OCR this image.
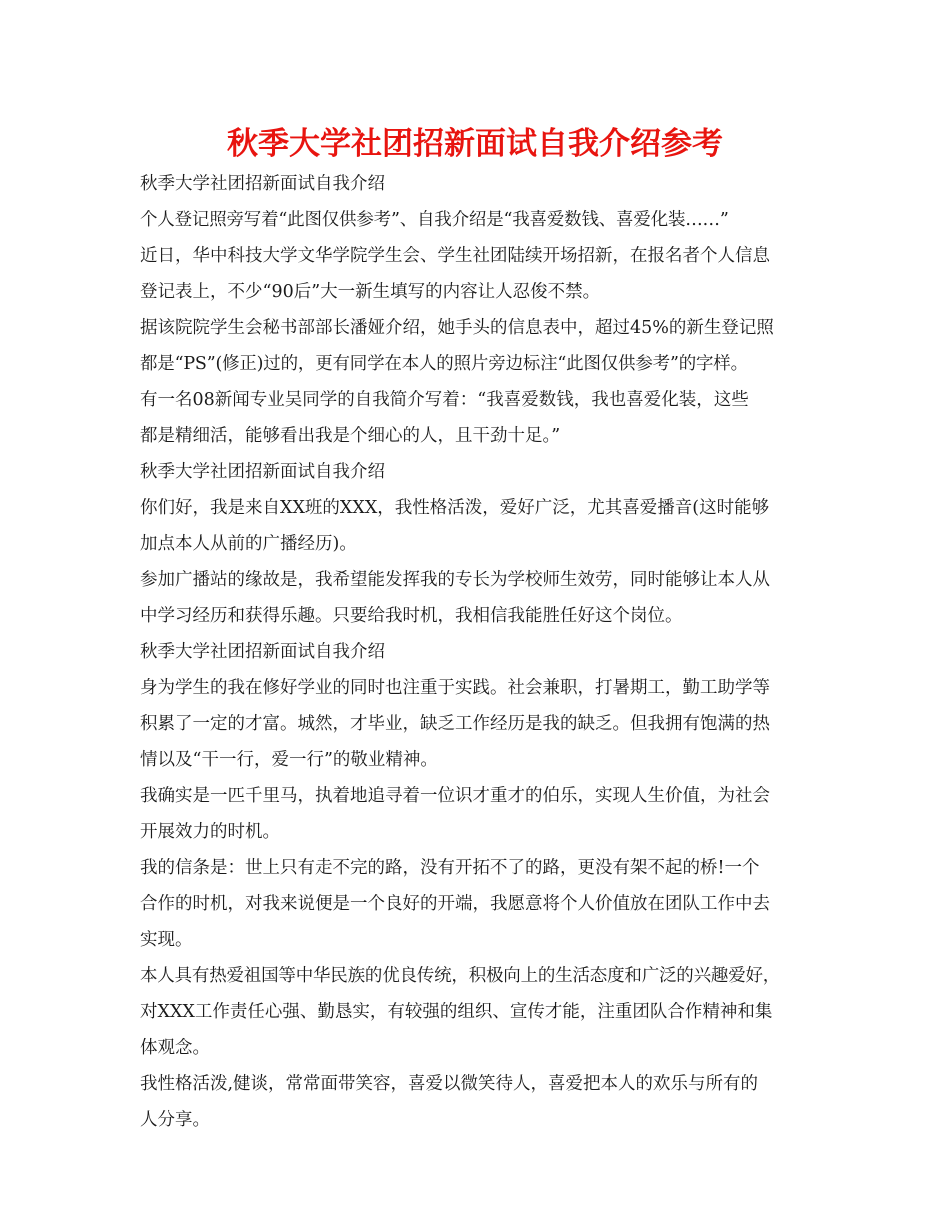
秋季大学社团招新面试自我介绍参考
秋季大学社团招新面试自我介绍
个人登记照旁写着“此图仅供参考”、自我介绍是“我喜爱数钱、喜爱化装……”
近日，华中科技大学文华学院学生会、学生社团陆续开场招新，在报名者个人信息
登记表上，不少“90后”大一新生填写的内容让人忍俊不禁。
据该院院学生会秘书部部长潘娅介绍，她手头的信息表中，超过45%的新生登记照
都是“PS”(修正)过的，更有同学在本人的照片旁边标注“此图仅供参考”的字样。
有一名08新闻专业吴同学的自我简介写着：“我喜爱数钱，我也喜爱化装，这些
都是精细活，能够看出我是个细心的人，且干劲十足。”
秋季大学社团招新面试自我介绍
你们好，我是来自XX班的XXX，我性格活泼，爱好广泛，尤其喜爱播音(这时能够
加点本人从前的广播经历)。
参加广播站的缘故是，我希望能发挥我的专长为学校师生效劳，同时能够让本人从
中学习经历和获得乐趣。只要给我时机，我相信我能胜任好这个岗位。
秋季大学社团招新面试自我介绍
身为学生的我在修好学业的同时也注重于实践。社会兼职，打暑期工，勤工助学等
积累了一定的才富。城然，才毕业，缺乏工作经历是我的缺乏。但我拥有饱满的热
情以及“干一行，爱一行”的敬业精神。
我确实是一匹千里马，执着地追寻着一位识才重才的伯乐，实现人生价值，为社会
开展效力的时机。
我的信条是：世上只有走不完的路，没有开拓不了的路，更没有架不起的桥!一个
合作的时机，对我来说便是一个良好的开端，我愿意将个人价值放在团队工作中去
实现。
本人具有热爱祖国等中华民族的优良传统，积极向上的生活态度和广泛的兴趣爱好，
对XXX工作责任心强、勤恳实，有较强的组织、宣传才能，注重团队合作精神和集
体观念。
我性格活泼,健谈，常常面带笑容，喜爱以微笑待人，喜爱把本人的欢乐与所有的
人分享。
